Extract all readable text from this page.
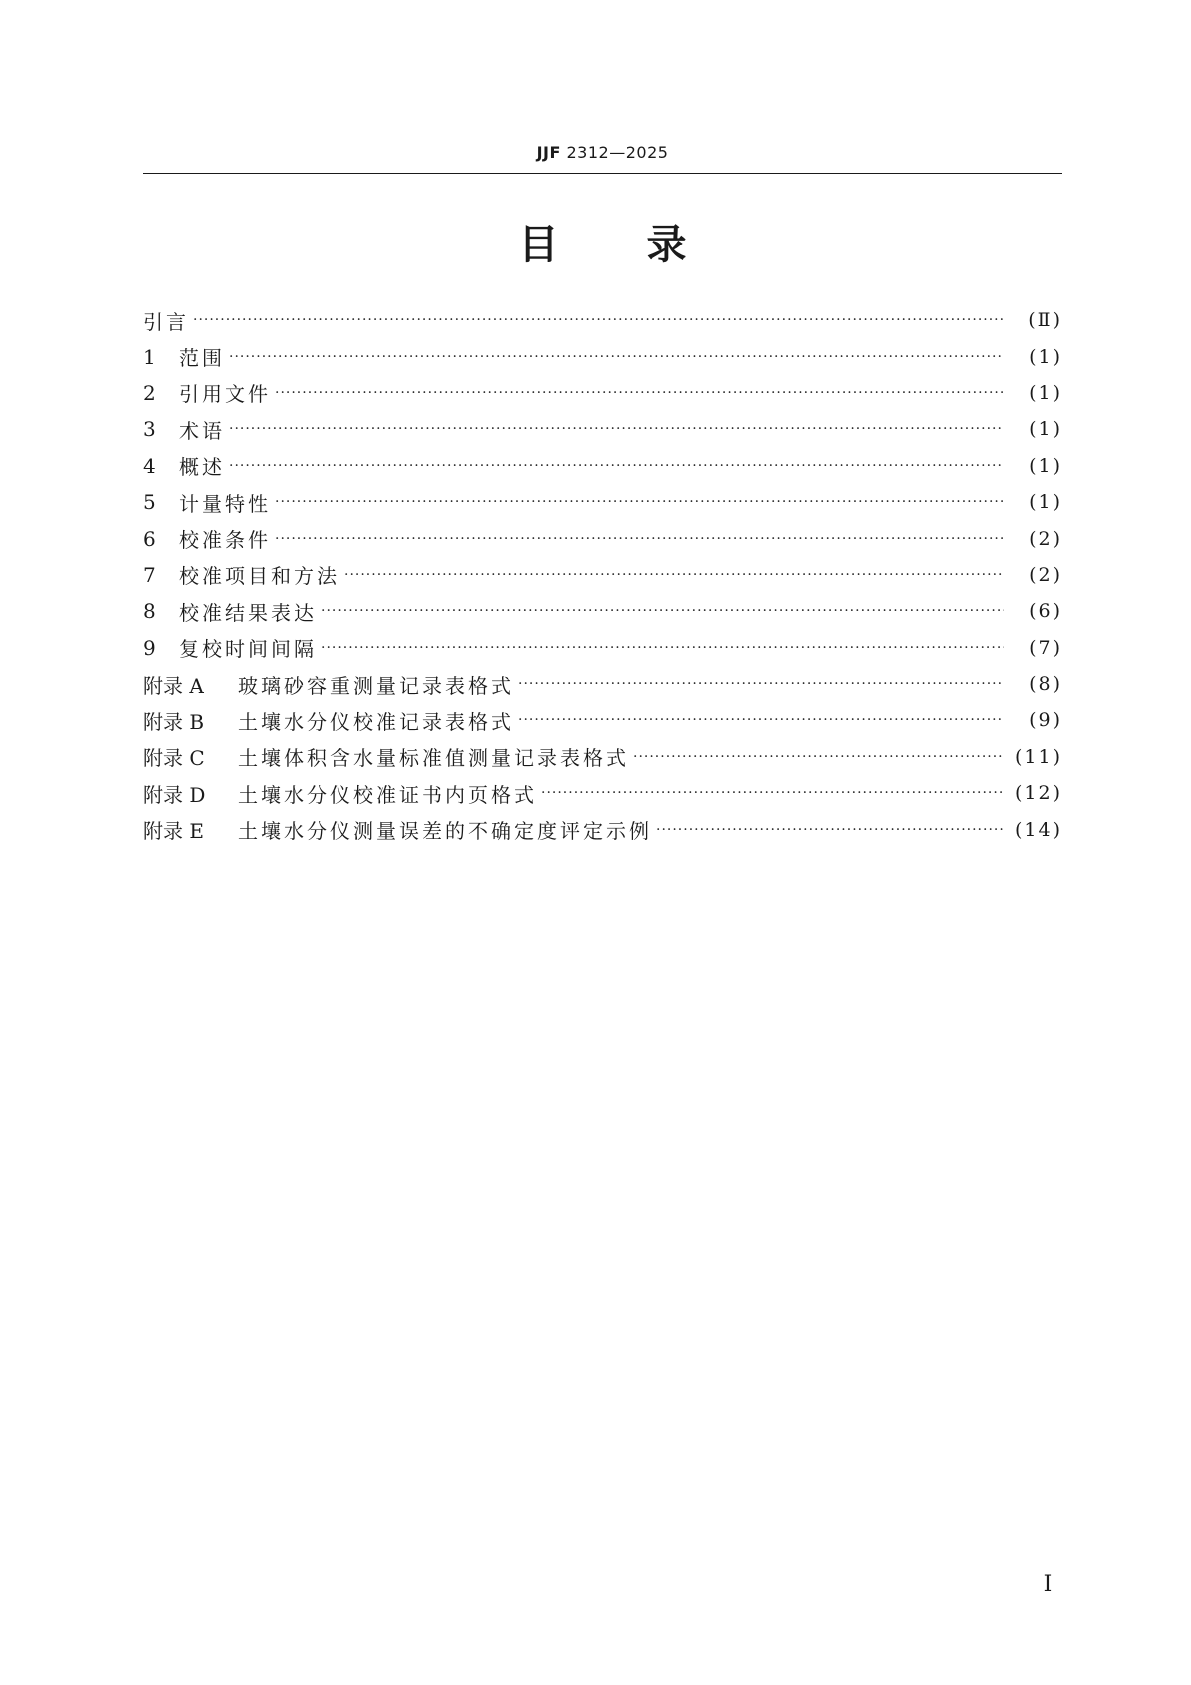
JJF 2312—2025
目 录
引言 ·····	(Ⅱ)
1	范围 ·····	(1)
2	引用文件 ·····	(1)
3	术语 ·····	(1)
4	概述 ·····	(1)
5	计量特性 ·····	(1)
6	校准条件 ·····	(2)
7	校准项目和方法 ·····	(2)
8	校准结果表达 ·····	(6)
9	复校时间间隔 ·····	(7)
附录 A	玻璃砂容重测量记录表格式 ·····	(8)
附录 B	土壤水分仪校准记录表格式 ·····	(9)
附录 C	土壤体积含水量标准值测量记录表格式 ·····	(11)
附录 D	土壤水分仪校准证书内页格式 ·····	(12)
附录 E	土壤水分仪测量误差的不确定度评定示例 ·····	(14)
Ⅰ
